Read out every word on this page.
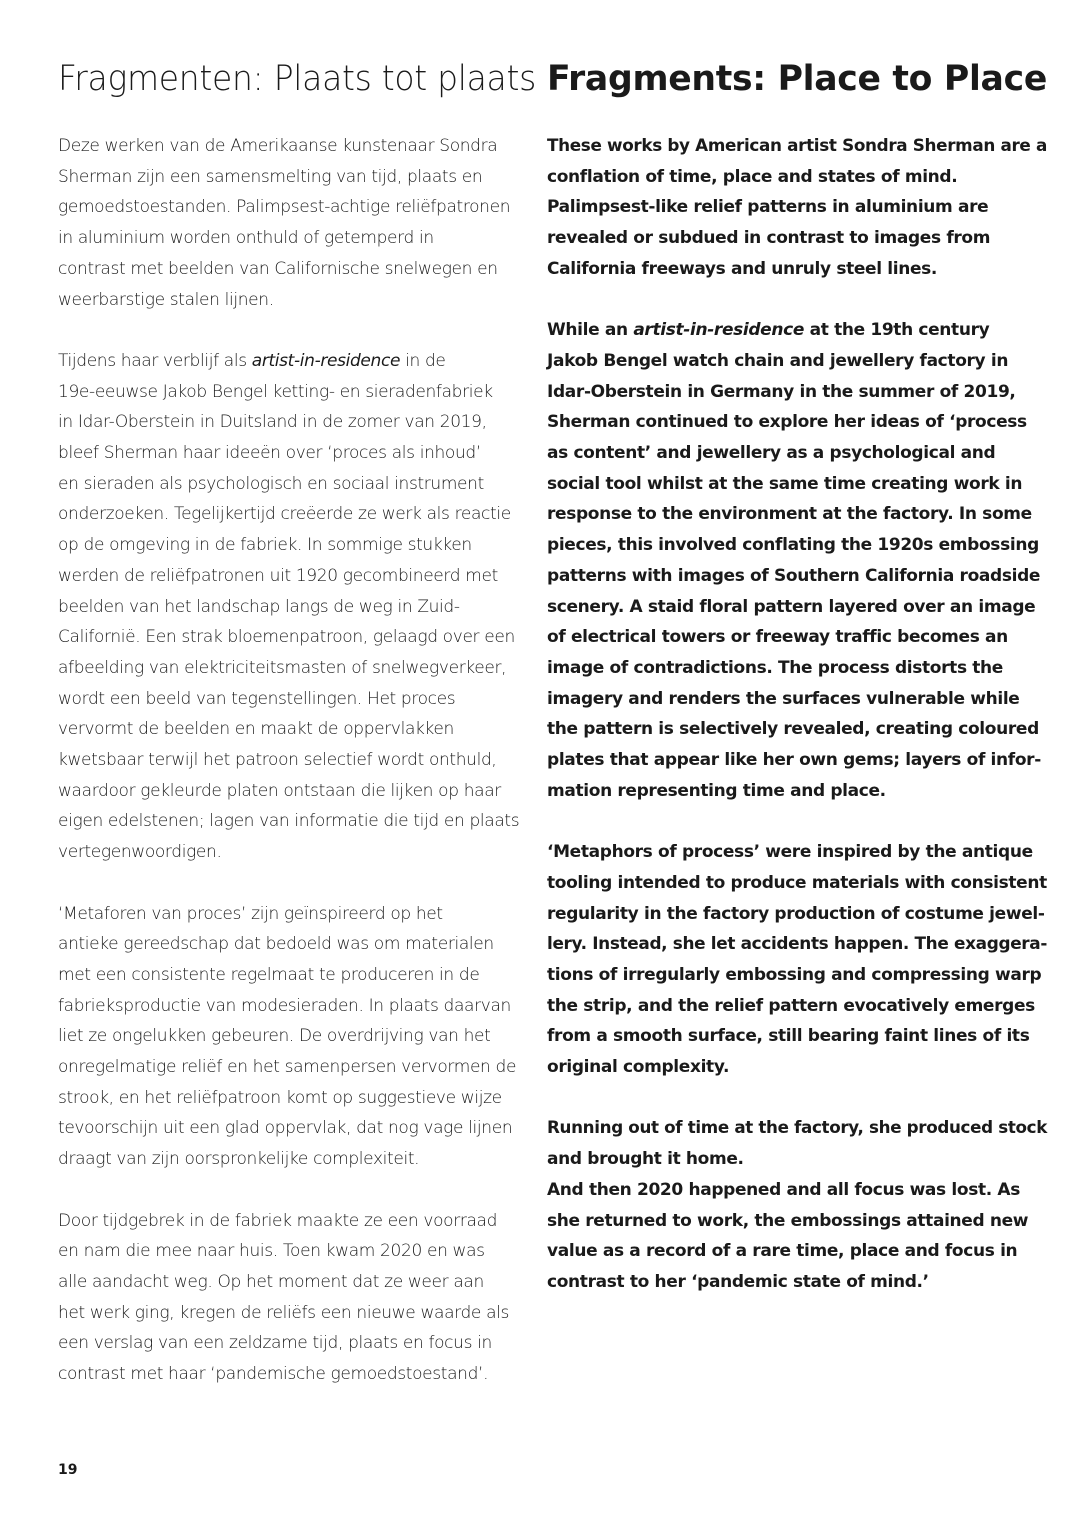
Fragmenten: Plaats tot plaats

Deze werken van de Amerikaanse kunstenaar Sondra
Sherman zijn een samensmelting van tijd, plaats en
gemoedstoestanden. Palimpsest-achtige reliëfpatronen
in aluminium worden onthuld of getemperd in
contrast met beelden van Californische snelwegen en
weerbarstige stalen lijnen.

Tijdens haar verblijf als artist-in-residence in de
19e-eeuwse Jakob Bengel ketting- en sieradenfabriek
in Idar-Oberstein in Duitsland in de zomer van 2019,
bleef Sherman haar ideeën over ‘proces als inhoud’
en sieraden als psychologisch en sociaal instrument
onderzoeken. Tegelijkertijd creëerde ze werk als reactie
op de omgeving in de fabriek. In sommige stukken
werden de reliëfpatronen uit 1920 gecombineerd met
beelden van het landschap langs de weg in Zuid-
Californië. Een strak bloemenpatroon, gelaagd over een
afbeelding van elektriciteitsmasten of snelwegverkeer,
wordt een beeld van tegenstellingen. Het proces
vervormt de beelden en maakt de oppervlakken
kwetsbaar terwijl het patroon selectief wordt onthuld,
waardoor gekleurde platen ontstaan die lijken op haar
eigen edelstenen; lagen van informatie die tijd en plaats
vertegenwoordigen.

‘Metaforen van proces’ zijn geïnspireerd op het
antieke gereedschap dat bedoeld was om materialen
met een consistente regelmaat te produceren in de
fabrieksproductie van modesieraden. In plaats daarvan
liet ze ongelukken gebeuren. De overdrijving van het
onregelmatige reliëf en het samenpersen vervormen de
strook, en het reliëfpatroon komt op suggestieve wijze
tevoorschijn uit een glad oppervlak, dat nog vage lijnen
draagt van zijn oorspronkelijke complexiteit.

Door tijdgebrek in de fabriek maakte ze een voorraad
en nam die mee naar huis. Toen kwam 2020 en was
alle aandacht weg. Op het moment dat ze weer aan
het werk ging, kregen de reliëfs een nieuwe waarde als
een verslag van een zeldzame tijd, plaats en focus in
contrast met haar ‘pandemische gemoedstoestand’.

Fragments: Place to Place

These works by American artist Sondra Sherman are a
conflation of time, place and states of mind.
Palimpsest-like relief patterns in aluminium are
revealed or subdued in contrast to images from
California freeways and unruly steel lines.

While an artist-in-residence at the 19th century
Jakob Bengel watch chain and jewellery factory in
Idar-Oberstein in Germany in the summer of 2019,
Sherman continued to explore her ideas of ‘process
as content’ and jewellery as a psychological and
social tool whilst at the same time creating work in
response to the environment at the factory. In some
pieces, this involved conflating the 1920s embossing
patterns with images of Southern California roadside
scenery. A staid floral pattern layered over an image
of electrical towers or freeway traffic becomes an
image of contradictions. The process distorts the
imagery and renders the surfaces vulnerable while
the pattern is selectively revealed, creating coloured
plates that appear like her own gems; layers of infor-
mation representing time and place.

‘Metaphors of process’ were inspired by the antique
tooling intended to produce materials with consistent
regularity in the factory production of costume jewel-
lery. Instead, she let accidents happen. The exaggera-
tions of irregularly embossing and compressing warp
the strip, and the relief pattern evocatively emerges
from a smooth surface, still bearing faint lines of its
original complexity.

Running out of time at the factory, she produced stock
and brought it home.

And then 2020 happened and all focus was lost. As
she returned to work, the embossings attained new
value as a record of a rare time, place and focus in
contrast to her ‘pandemic state of mind.’

19
